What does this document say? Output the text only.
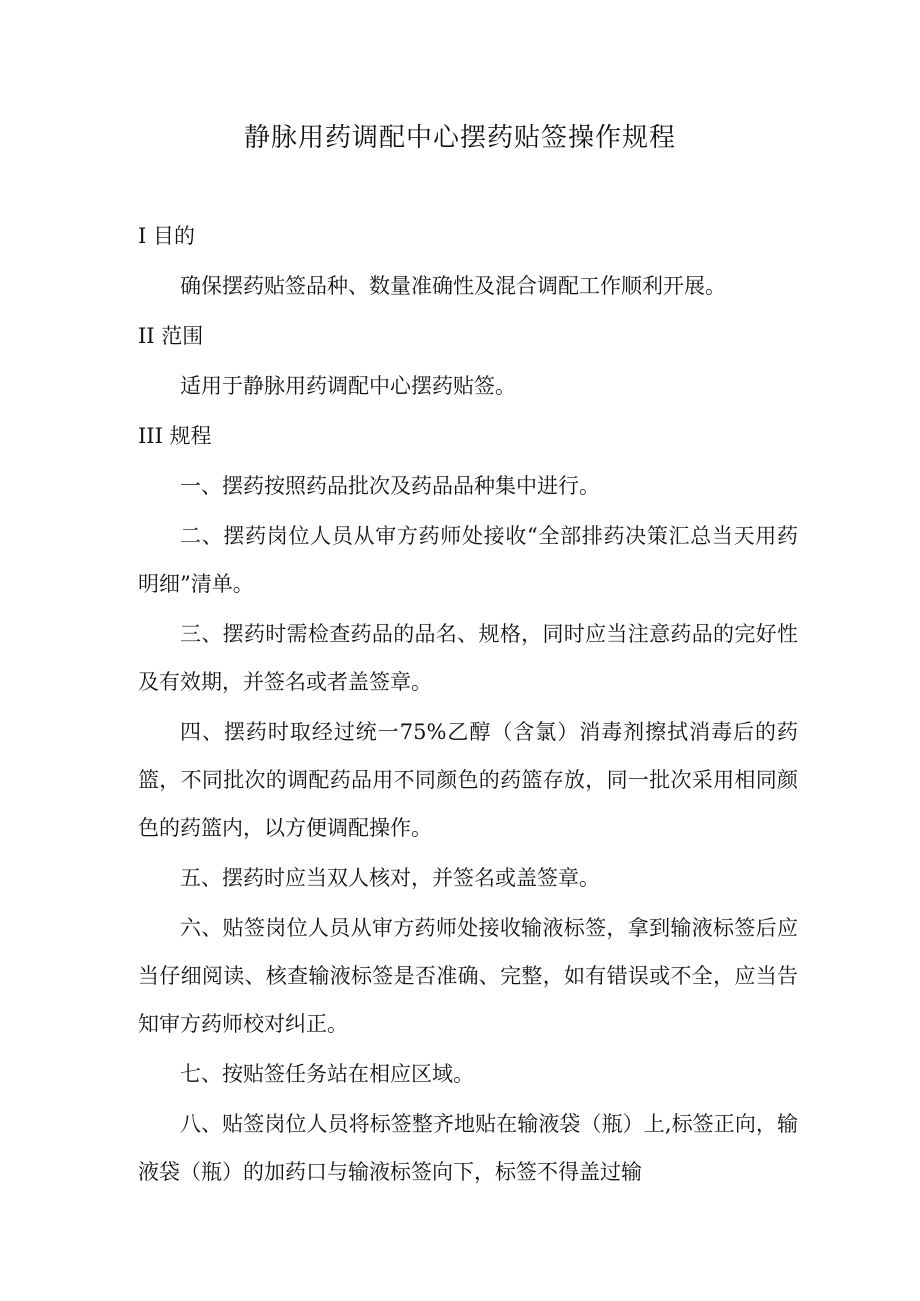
静脉用药调配中心摆药贴签操作规程
I 目的

确保摆药贴签品种、数量准确性及混合调配工作顺利开展。

II 范围

适用于静脉用药调配中心摆药贴签。

III 规程

一、摆药按照药品批次及药品品种集中进行。

二、摆药岗位人员从审方药师处接收“全部排药决策汇总当天用药明细”清单。

三、摆药时需检查药品的品名、规格，同时应当注意药品的完好性及有效期，并签名或者盖签章。

四、摆药时取经过统一75%乙醇（含氯）消毒剂擦拭消毒后的药篮，不同批次的调配药品用不同颜色的药篮存放，同一批次采用相同颜色的药篮内，以方便调配操作。

五、摆药时应当双人核对，并签名或盖签章。

六、贴签岗位人员从审方药师处接收输液标签，拿到输液标签后应当仔细阅读、核查输液标签是否准确、完整，如有错误或不全，应当告知审方药师校对纠正。

七、按贴签任务站在相应区域。

八、贴签岗位人员将标签整齐地贴在输液袋（瓶）上,标签正向，输液袋（瓶）的加药口与输液标签向下，标签不得盖过输
